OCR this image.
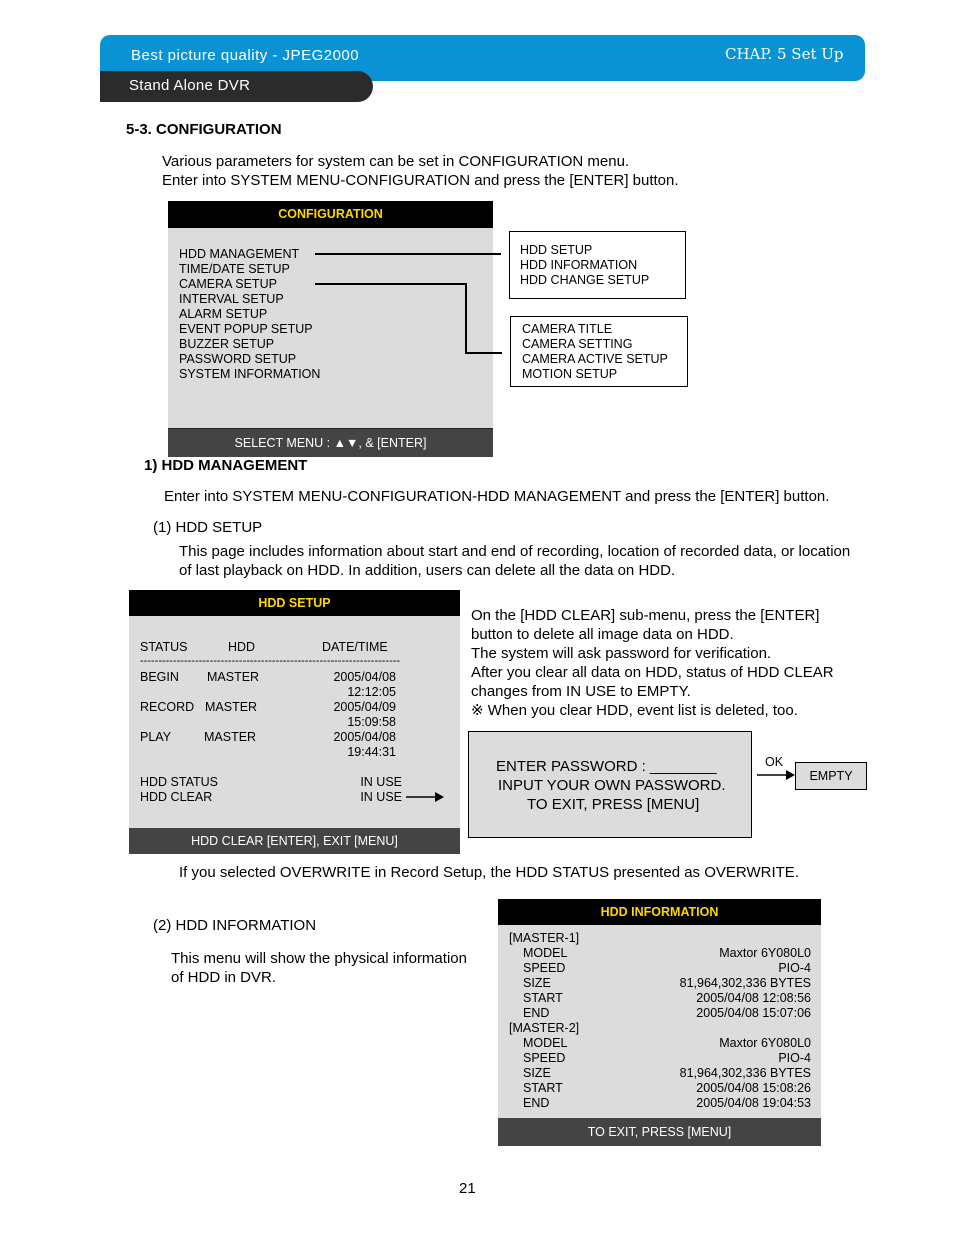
Best picture quality - JPEG2000	CHAP. 5 Set Up
Stand Alone DVR
5-3. CONFIGURATION
Various parameters for system can be set in CONFIGURATION menu.
Enter into SYSTEM MENU-CONFIGURATION and press the [ENTER] button.
CONFIGURATION
HDD MANAGEMENT
TIME/DATE SETUP
CAMERA SETUP
INTERVAL SETUP
ALARM SETUP
EVENT POPUP SETUP
BUZZER SETUP
PASSWORD SETUP
SYSTEM INFORMATION
SELECT MENU : ▲▼, & [ENTER]
HDD SETUP
HDD INFORMATION
HDD CHANGE SETUP
CAMERA TITLE
CAMERA SETTING
CAMERA ACTIVE SETUP
MOTION SETUP
1) HDD MANAGEMENT
Enter into SYSTEM MENU-CONFIGURATION-HDD MANAGEMENT and press the [ENTER] button.
(1) HDD SETUP
This page includes information about start and end of recording, location of recorded data, or location
of last playback on HDD. In addition, users can delete all the data on HDD.
HDD SETUP
STATUS	HDD	DATE/TIME
-----------------------------------------------------------------------
BEGIN MASTER	2005/04/08
12:12:05
RECORD MASTER	2005/04/09
15:09:58
PLAY	MASTER	2005/04/08
19:44:31
HDD STATUS	IN USE
HDD CLEAR	IN USE
HDD CLEAR [ENTER], EXIT [MENU]
On the [HDD CLEAR] sub-menu, press the [ENTER]
button to delete all image data on HDD.
The system will ask password for verification.
After you clear all data on HDD, status of HDD CLEAR
changes from IN USE to EMPTY.
※ When you clear HDD, event list is deleted, too.
ENTER PASSWORD : ________
INPUT YOUR OWN PASSWORD.
TO EXIT, PRESS [MENU]
OK
EMPTY
If you selected OVERWRITE in Record Setup, the HDD STATUS presented as OVERWRITE.
(2) HDD INFORMATION
This menu will show the physical information
of HDD in DVR.
HDD INFORMATION
[MASTER-1]
MODEL	Maxtor 6Y080L0
SPEED	PIO-4
SIZE	81,964,302,336 BYTES
START	2005/04/08 12:08:56
END	2005/04/08 15:07:06
[MASTER-2]
MODEL	Maxtor 6Y080L0
SPEED	PIO-4
SIZE	81,964,302,336 BYTES
START	2005/04/08 15:08:26
END	2005/04/08 19:04:53
TO EXIT, PRESS [MENU]
21
